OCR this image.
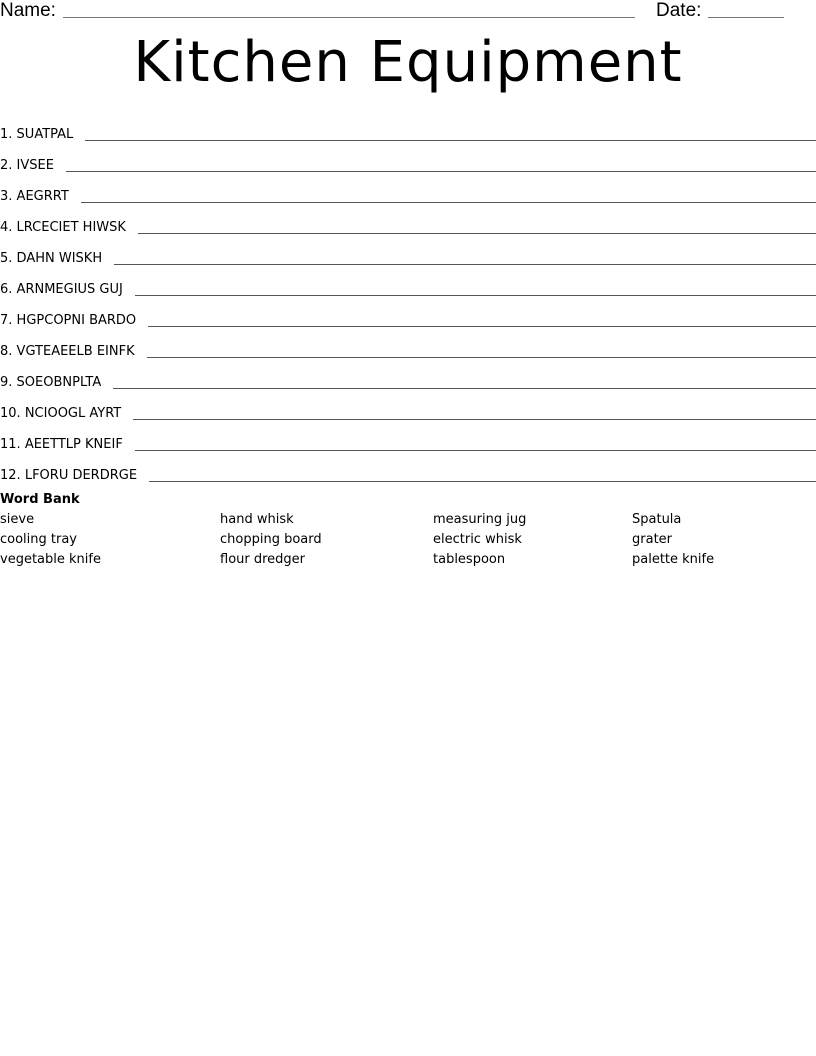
Name:	Date:
Kitchen Equipment
1.
SUATPAL
2.
IVSEE
3.
AEGRRT
4.
LRCECIET HIWSK
5.
DAHN WISKH
6.
ARNMEGIUS GUJ
7.
HGPCOPNI BARDO
8.
VGTEAEELB EINFK
9.
SOEOBNPLTA
10.
NCIOOGL AYRT
11.
AEETTLP KNEIF
12.
LFORU DERDRGE
Word Bank
sieve
cooling tray
vegetable knife
hand whisk
chopping board
flour dredger
measuring jug
electric whisk
tablespoon
Spatula
grater
palette knife
